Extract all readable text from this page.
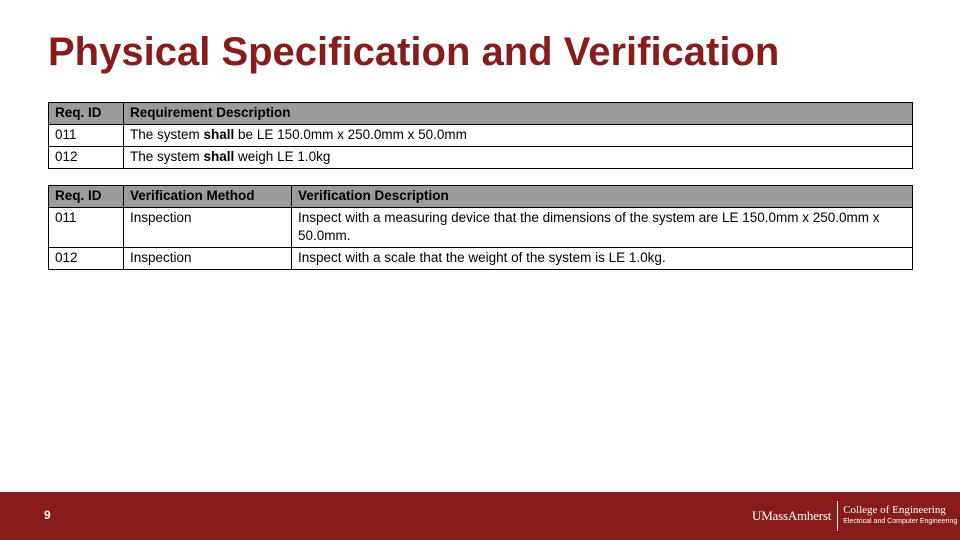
Physical Specification and Verification
Req. ID	Requirement Description
011	The system shall be LE 150.0mm x 250.0mm x 50.0mm
012	The system shall weigh LE 1.0kg
Req. ID	Verification Method	Verification Description
011	Inspection	Inspect with a measuring device that the dimensions of the system are LE 150.0mm x 250.0mm x 50.0mm.
012	Inspection	Inspect with a scale that the weight of the system is LE 1.0kg.
9	UMassAmherst College of Engineering
Electrical and Computer Engineering
